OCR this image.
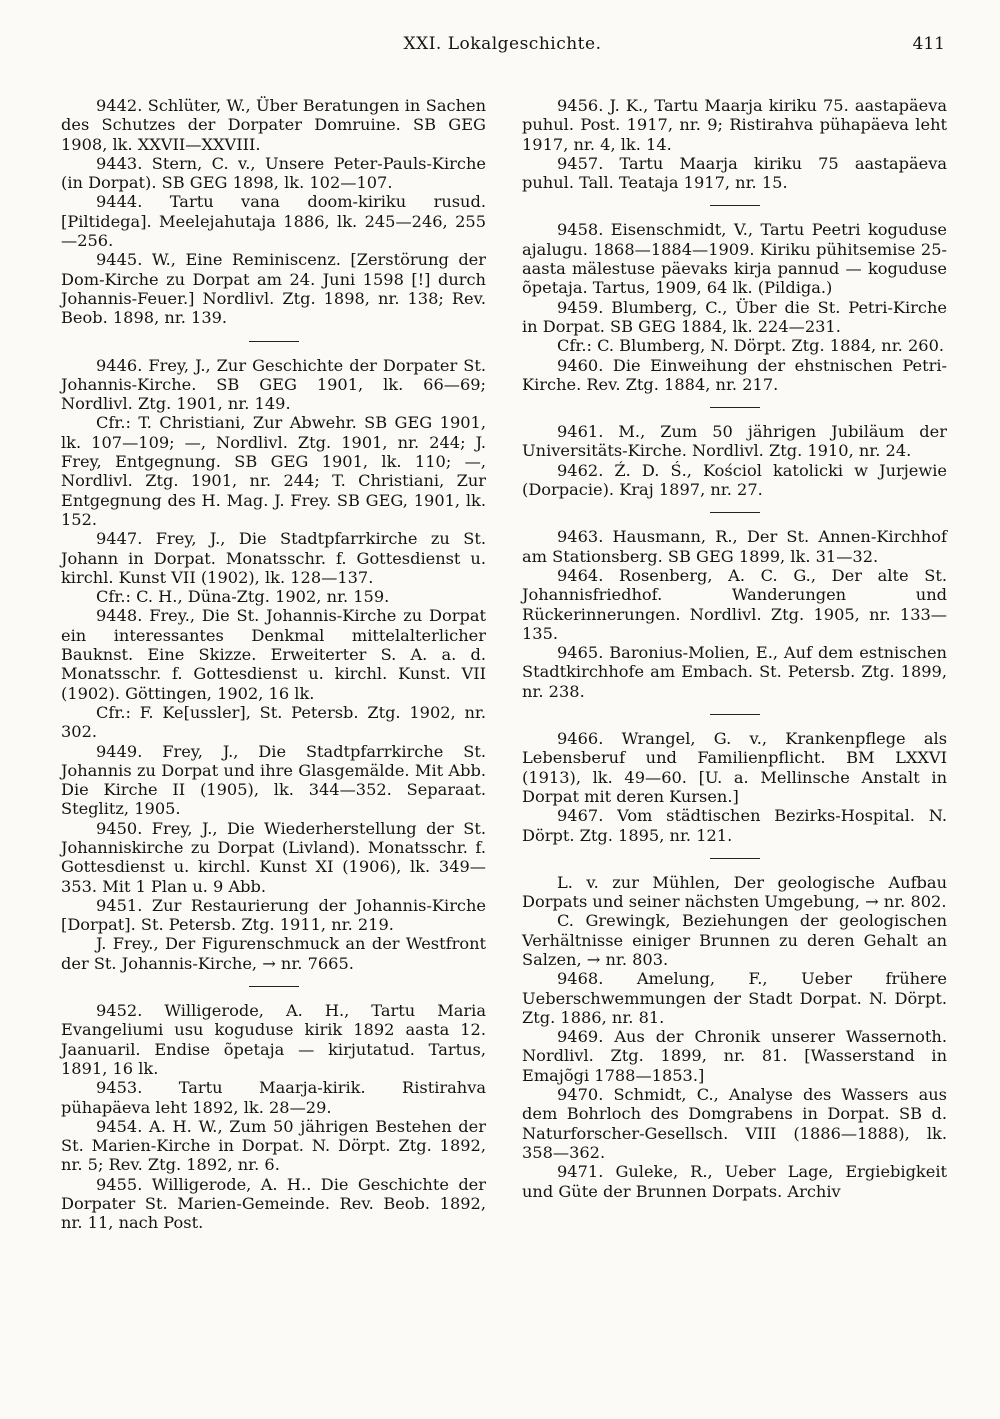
XXI. Lokalgeschichte.	411

9442. Schlüter, W., Über Beratungen in Sachen des Schutzes der Dorpater Domruine. SB GEG 1908, lk. XXVII—XXVIII.

9443. Stern, C. v., Unsere Peter-Pauls-Kirche (in Dorpat). SB GEG 1898, lk. 102—107.

9444. Tartu vana doom-kiriku rusud. [Piltidega]. Meelejahutaja 1886, lk. 245—246, 255—256.

9445. W., Eine Reminiscenz. [Zerstörung der Dom-Kirche zu Dorpat am 24. Juni 1598 [!] durch Johannis-Feuer.] Nordlivl. Ztg. 1898, nr. 138; Rev. Beob. 1898, nr. 139.

9446. Frey, J., Zur Geschichte der Dorpater St. Johannis-Kirche. SB GEG 1901, lk. 66—69; Nordlivl. Ztg. 1901, nr. 149.

Cfr.: T. Christiani, Zur Abwehr. SB GEG 1901, lk. 107—109; —, Nordlivl. Ztg. 1901, nr. 244; J. Frey, Entgegnung. SB GEG 1901, lk. 110; —, Nordlivl. Ztg. 1901, nr. 244; T. Christiani, Zur Entgegnung des H. Mag. J. Frey. SB GEG, 1901, lk. 152.

9447. Frey, J., Die Stadtpfarrkirche zu St. Johann in Dorpat. Monatsschr. f. Gottesdienst u. kirchl. Kunst VII (1902), lk. 128—137.

Cfr.: C. H., Düna-Ztg. 1902, nr. 159.

9448. Frey., Die St. Johannis-Kirche zu Dorpat ein interessantes Denkmal mittelalterlicher Bauknst. Eine Skizze. Erweiterter S. A. a. d. Monatsschr. f. Gottesdienst u. kirchl. Kunst. VII (1902). Göttingen, 1902, 16 lk.

Cfr.: F. Ke[ussler], St. Petersb. Ztg. 1902, nr. 302.

9449. Frey, J., Die Stadtpfarrkirche St. Johannis zu Dorpat und ihre Glasgemälde. Mit Abb. Die Kirche II (1905), lk. 344—352. Separaat. Steglitz, 1905.

9450. Frey, J., Die Wiederherstellung der St. Johanniskirche zu Dorpat (Livland). Monatsschr. f. Gottesdienst u. kirchl. Kunst XI (1906), lk. 349—353. Mit 1 Plan u. 9 Abb.

9451. Zur Restaurierung der Johannis-Kirche [Dorpat]. St. Petersb. Ztg. 1911, nr. 219.

J. Frey., Der Figurenschmuck an der Westfront der St. Johannis-Kirche, → nr. 7665.

9452. Willigerode, A. H., Tartu Maria Evangeliumi usu koguduse kirik 1892 aasta 12. Jaanuaril. Endise õpetaja — kirjutatud. Tartus, 1891, 16 lk.

9453. Tartu Maarja-kirik. Ristirahva pühapäeva leht 1892, lk. 28—29.

9454. A. H. W., Zum 50 jährigen Bestehen der St. Marien-Kirche in Dorpat. N. Dörpt. Ztg. 1892, nr. 5; Rev. Ztg. 1892, nr. 6.

9455. Willigerode, A. H.. Die Geschichte der Dorpater St. Marien-Gemeinde. Rev. Beob. 1892, nr. 11, nach Post.

9456. J. K., Tartu Maarja kiriku 75. aastapäeva puhul. Post. 1917, nr. 9; Ristirahva pühapäeva leht 1917, nr. 4, lk. 14.

9457. Tartu Maarja kiriku 75 aastapäeva puhul. Tall. Teataja 1917, nr. 15.

9458. Eisenschmidt, V., Tartu Peetri koguduse ajalugu. 1868—1884—1909. Kiriku pühitsemise 25-aasta mälestuse päevaks kirja pannud — koguduse õpetaja. Tartus, 1909, 64 lk. (Pildiga.)

9459. Blumberg, C., Über die St. Petri-Kirche in Dorpat. SB GEG 1884, lk. 224—231.

Cfr.: C. Blumberg, N. Dörpt. Ztg. 1884, nr. 260.

9460. Die Einweihung der ehstnischen Petri-Kirche. Rev. Ztg. 1884, nr. 217.

9461. M., Zum 50 jährigen Jubiläum der Universitäts-Kirche. Nordlivl. Ztg. 1910, nr. 24.

9462. Ź. D. Ś., Kościol katolicki w Jurjewie (Dorpacie). Kraj 1897, nr. 27.

9463. Hausmann, R., Der St. Annen-Kirchhof am Stationsberg. SB GEG 1899, lk. 31—32.

9464. Rosenberg, A. C. G., Der alte St. Johannisfriedhof. Wanderungen und Rückerinnerungen. Nordlivl. Ztg. 1905, nr. 133—135.

9465. Baronius-Molien, E., Auf dem estnischen Stadtkirchhofe am Embach. St. Petersb. Ztg. 1899, nr. 238.

9466. Wrangel, G. v., Krankenpflege als Lebensberuf und Familienpflicht. BM LXXVI (1913), lk. 49—60. [U. a. Mellinsche Anstalt in Dorpat mit deren Kursen.]

9467. Vom städtischen Bezirks-Hospital. N. Dörpt. Ztg. 1895, nr. 121.

L. v. zur Mühlen, Der geologische Aufbau Dorpats und seiner nächsten Umgebung, → nr. 802.

C. Grewingk, Beziehungen der geologischen Verhältnisse einiger Brunnen zu deren Gehalt an Salzen, → nr. 803.

9468. Amelung, F., Ueber frühere Ueberschwemmungen der Stadt Dorpat. N. Dörpt. Ztg. 1886, nr. 81.

9469. Aus der Chronik unserer Wassernoth. Nordlivl. Ztg. 1899, nr. 81. [Wasserstand in Emajõgi 1788—1853.]

9470. Schmidt, C., Analyse des Wassers aus dem Bohrloch des Domgrabens in Dorpat. SB d. Naturforscher-Gesellsch. VIII (1886—1888), lk. 358—362.

9471. Guleke, R., Ueber Lage, Ergiebigkeit und Güte der Brunnen Dorpats. Archiv
